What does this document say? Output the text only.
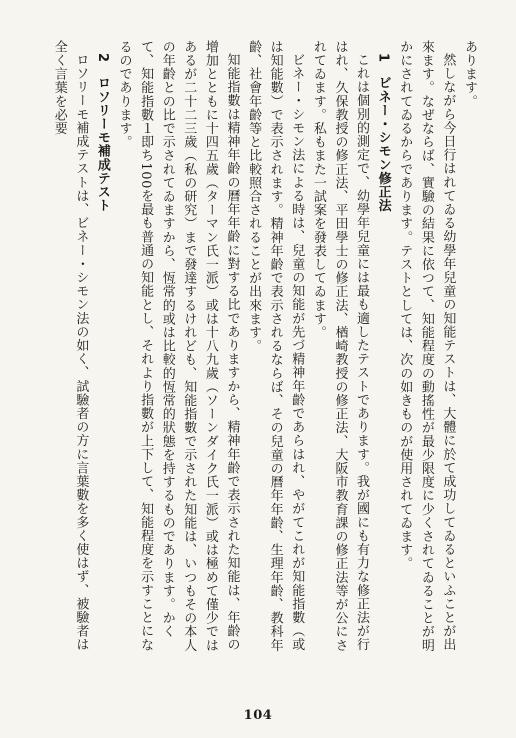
あります。

然しながら今日行はれてゐる幼學年兒童の知能テストは、大體に於て成功してゐるといふことが出來ます。なぜならば、實驗の結果に依つて、知能程度の動搖性が最少限度に少くされてゐることが明かにされてゐるからであります。テストとしては、次の如きものが使用されてゐます。

1　ビネー・シモン修正法

これは個別的測定で、幼學年兒童には最も適したテストであります。我が國にも有力な修正法が行はれ、久保教授の修正法、平田學士の修正法、楢崎教授の修正法、大阪市教育課の修正法等が公にされてゐます。私もまた一試案を發表してゐます。

ビネー・シモン法による時は、兒童の知能が先づ精神年齡であらはれ、やがてこれが知能指數（或は知能數）で表示されます。精神年齡で表示されるならば、その兒童の曆年年齡、生理年齡、教科年齡、社會年齡等と比較照合されることが出來ます。

知能指數は精神年齡の曆年年齡に對する比でありますから、精神年齡で表示された知能は、年齡の增加とともに十四五歲（ターマン氏一派）或は十八九歲（ソーンダイク氏一派）或は極めて僅少ではあるが二十二三歲（私の研究）まで發達するけれども、知能指數で示された知能は、いつもその本人の年齡との比で示されてゐますから、恆常的或は比較的恆常的狀態を持するものであります。かくて、知能指數１即ち100を最も普通の知能とし、それより指數が上下して、知能程度を示すことになるのであります。

2　ロソリーモ補成テスト

ロソリーモ補成テストは、ビネー・シモン法の如く、試驗者の方に言葉數を多く使はず、被驗者は全く言葉を必要

104
